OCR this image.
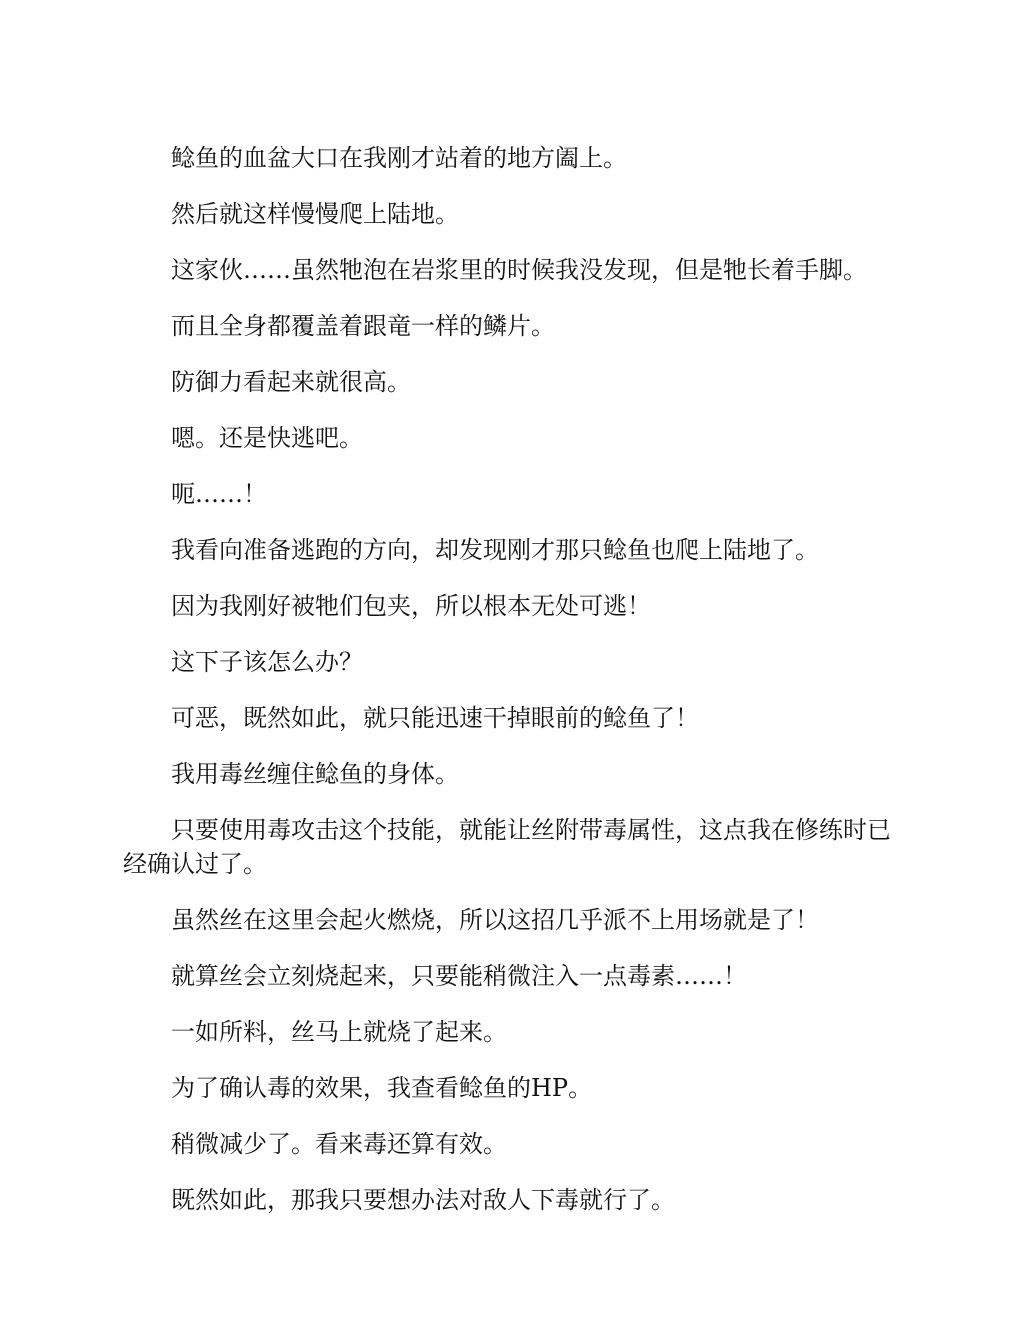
鲶鱼的血盆大口在我刚才站着的地方阖上。

然后就这样慢慢爬上陆地。

这家伙……虽然牠泡在岩浆里的时候我没发现，但是牠长着手脚。

而且全身都覆盖着跟竜一样的鳞片。

防御力看起来就很高。

嗯。还是快逃吧。

呃……！

我看向准备逃跑的方向，却发现刚才那只鲶鱼也爬上陆地了。

因为我刚好被牠们包夹，所以根本无处可逃！

这下子该怎么办？

可恶，既然如此，就只能迅速干掉眼前的鲶鱼了！

我用毒丝缠住鲶鱼的身体。

只要使用毒攻击这个技能，就能让丝附带毒属性，这点我在修练时已经确认过了。

虽然丝在这里会起火燃烧，所以这招几乎派不上用场就是了！

就算丝会立刻烧起来，只要能稍微注入一点毒素……！

一如所料，丝马上就烧了起来。

为了确认毒的效果，我查看鲶鱼的HP。

稍微减少了。看来毒还算有效。

既然如此，那我只要想办法对敌人下毒就行了。
